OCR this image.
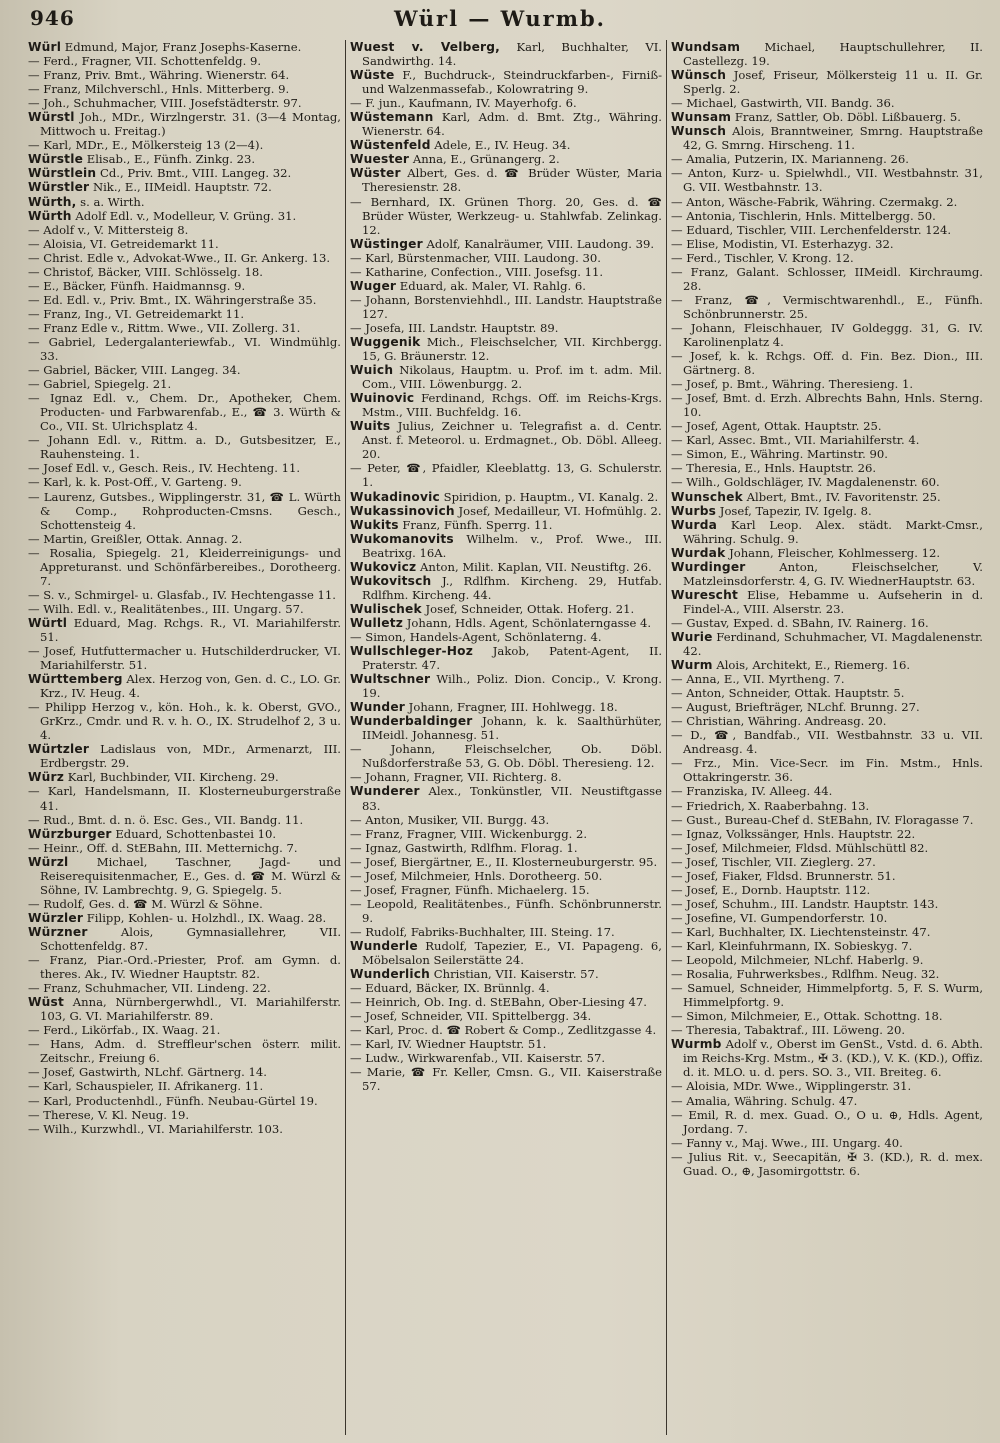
946	Würl — Wurmb.

Würl Edmund, Major, Franz Josephs-Kaserne.

— Ferd., Fragner, VII. Schottenfeldg. 9.

— Franz, Priv. Bmt., Währing. Wienerstr. 64.

— Franz, Milchverschl., Hnls. Mitterberg. 9.

— Joh., Schuhmacher, VIII. Josefstädterstr. 97.

Würstl Joh., MDr., Wirzlngerstr. 31. (3—4 Montag, Mittwoch u. Freitag.)

— Karl, MDr., E., Mölkersteig 13 (2—4).

Würstle Elisab., E., Fünfh. Zinkg. 23.

Würstlein Cd., Priv. Bmt., VIII. Langeg. 32.

Würstler Nik., E., IIMeidl. Hauptstr. 72.

Würth, s. a. Wirth.

Würth Adolf Edl. v., Modelleur, V. Grüng. 31.

— Adolf v., V. Mittersteig 8.

— Aloisia, VI. Getreidemarkt 11.

— Christ. Edle v., Advokat-Wwe., II. Gr. Ankerg. 13.

— Christof, Bäcker, VIII. Schlösselg. 18.

— E., Bäcker, Fünfh. Haidmannsg. 9.

— Ed. Edl. v., Priv. Bmt., IX. Währingerstraße 35.

— Franz, Ing., VI. Getreidemarkt 11.

— Franz Edle v., Rittm. Wwe., VII. Zollerg. 31.

— Gabriel, Ledergalanteriewfab., VI. Windmühlg. 33.

— Gabriel, Bäcker, VIII. Langeg. 34.

— Gabriel, Spiegelg. 21.

— Ignaz Edl. v., Chem. Dr., Apotheker, Chem. Producten- und Farbwarenfab., E., ☎ 3. Würth & Co., VII. St. Ulrichsplatz 4.

— Johann Edl. v., Rittm. a. D., Gutsbesitzer, E., Rauhensteing. 1.

— Josef Edl. v., Gesch. Reis., IV. Hechteng. 11.

— Karl, k. k. Post-Off., V. Garteng. 9.

— Laurenz, Gutsbes., Wipplingerstr. 31, ☎ L. Würth & Comp., Rohproducten-Cmsns. Gesch., Schottensteig 4.

— Martin, Greißler, Ottak. Annag. 2.

— Rosalia, Spiegelg. 21, Kleiderreinigungs- und Appreturanst. und Schönfärbereibes., Dorotheerg. 7.

— S. v., Schmirgel- u. Glasfab., IV. Hechtengasse 11.

— Wilh. Edl. v., Realitätenbes., III. Ungarg. 57.

Würtl Eduard, Mag. Rchgs. R., VI. Mariahilferstr. 51.

— Josef, Hutfuttermacher u. Hutschilderdrucker, VI. Mariahilferstr. 51.

Württemberg Alex. Herzog von, Gen. d. C., LO. Gr. Krz., IV. Heug. 4.

— Philipp Herzog v., kön. Hoh., k. k. Oberst, GVO., GrKrz., Cmdr. und R. v. h. O., IX. Strudelhof 2, 3 u. 4.

Würtzler Ladislaus von, MDr., Armenarzt, III. Erdbergstr. 29.

Würz Karl, Buchbinder, VII. Kircheng. 29.

— Karl, Handelsmann, II. Klosterneuburgerstraße 41.

— Rud., Bmt. d. n. ö. Esc. Ges., VII. Bandg. 11.

Würzburger Eduard, Schottenbastei 10.

— Heinr., Off. d. StEBahn, III. Metternichg. 7.

Würzl Michael, Taschner, Jagd- und Reiserequisitenmacher, E., Ges. d. ☎ M. Würzl & Söhne, IV. Lambrechtg. 9, G. Spiegelg. 5.

— Rudolf, Ges. d. ☎ M. Würzl & Söhne.

Würzler Filipp, Kohlen- u. Holzhdl., IX. Waag. 28.

Würzner Alois, Gymnasiallehrer, VII. Schottenfeldg. 87.

— Franz, Piar.-Ord.-Priester, Prof. am Gymn. d. theres. Ak., IV. Wiedner Hauptstr. 82.

— Franz, Schuhmacher, VII. Lindeng. 22.

Wüst Anna, Nürnbergerwhdl., VI. Mariahilferstr. 103, G. VI. Mariahilferstr. 89.

— Ferd., Likörfab., IX. Waag. 21.

— Hans, Adm. d. Streffleur'schen österr. milit. Zeitschr., Freiung 6.

— Josef, Gastwirth, NLchf. Gärtnerg. 14.

— Karl, Schauspieler, II. Afrikanerg. 11.

— Karl, Productenhdl., Fünfh. Neubau-Gürtel 19.

— Therese, V. Kl. Neug. 19.

— Wilh., Kurzwhdl., VI. Mariahilferstr. 103.

Wuest v. Velberg, Karl, Buchhalter, VI. Sandwirthg. 14.

Wüste F., Buchdruck-, Steindruckfarben-, Firniß- und Walzenmassefab., Kolowratring 9.

— F. jun., Kaufmann, IV. Mayerhofg. 6.

Wüstemann Karl, Adm. d. Bmt. Ztg., Währing. Wienerstr. 64.

Wüstenfeld Adele, E., IV. Heug. 34.

Wuester Anna, E., Grünangerg. 2.

Wüster Albert, Ges. d. ☎ Brüder Wüster, Maria Theresienstr. 28.

— Bernhard, IX. Grünen Thorg. 20, Ges. d. ☎ Brüder Wüster, Werkzeug- u. Stahlwfab. Zelinkag. 12.

Wüstinger Adolf, Kanalräumer, VIII. Laudong. 39.

— Karl, Bürstenmacher, VIII. Laudong. 30.

— Katharine, Confection., VIII. Josefsg. 11.

Wuger Eduard, ak. Maler, VI. Rahlg. 6.

— Johann, Borstenviehhdl., III. Landstr. Hauptstraße 127.

— Josefa, III. Landstr. Hauptstr. 89.

Wuggenik Mich., Fleischselcher, VII. Kirchbergg. 15, G. Bräunerstr. 12.

Wuich Nikolaus, Hauptm. u. Prof. im t. adm. Mil. Com., VIII. Löwenburgg. 2.

Wuinovic Ferdinand, Rchgs. Off. im Reichs-Krgs. Mstm., VIII. Buchfeldg. 16.

Wuits Julius, Zeichner u. Telegrafist a. d. Centr. Anst. f. Meteorol. u. Erdmagnet., Ob. Döbl. Alleeg. 20.

— Peter, ☎, Pfaidler, Kleeblattg. 13, G. Schulerstr. 1.

Wukadinovic Spiridion, p. Hauptm., VI. Kanalg. 2.

Wukassinovich Josef, Medailleur, VI. Hofmühlg. 2.

Wukits Franz, Fünfh. Sperrg. 11.

Wukomanovits Wilhelm. v., Prof. Wwe., III. Beatrixg. 16A.

Wukovicz Anton, Milit. Kaplan, VII. Neustiftg. 26.

Wukovitsch J., Rdlfhm. Kircheng. 29, Hutfab. Rdlfhm. Kircheng. 44.

Wulischek Josef, Schneider, Ottak. Hoferg. 21.

Wulletz Johann, Hdls. Agent, Schönlaterngasse 4.

— Simon, Handels-Agent, Schönlaterng. 4.

Wullschleger-Hoz Jakob, Patent-Agent, II. Praterstr. 47.

Wultschner Wilh., Poliz. Dion. Concip., V. Krong. 19.

Wunder Johann, Fragner, III. Hohlwegg. 18.

Wunderbaldinger Johann, k. k. Saalthürhüter, IIMeidl. Johannesg. 51.

— Johann, Fleischselcher, Ob. Döbl. Nußdorferstraße 53, G. Ob. Döbl. Theresieng. 12.

— Johann, Fragner, VII. Richterg. 8.

Wunderer Alex., Tonkünstler, VII. Neustiftgasse 83.

— Anton, Musiker, VII. Burgg. 43.

— Franz, Fragner, VIII. Wickenburgg. 2.

— Ignaz, Gastwirth, Rdlfhm. Florag. 1.

— Josef, Biergärtner, E., II. Klosterneuburgerstr. 95.

— Josef, Milchmeier, Hnls. Dorotheerg. 50.

— Josef, Fragner, Fünfh. Michaelerg. 15.

— Leopold, Realitätenbes., Fünfh. Schönbrunnerstr. 9.

— Rudolf, Fabriks-Buchhalter, III. Steing. 17.

Wunderle Rudolf, Tapezier, E., VI. Papageng. 6, Möbelsalon Seilerstätte 24.

Wunderlich Christian, VII. Kaiserstr. 57.

— Eduard, Bäcker, IX. Brünnlg. 4.

— Heinrich, Ob. Ing. d. StEBahn, Ober-Liesing 47.

— Josef, Schneider, VII. Spittelbergg. 34.

— Karl, Proc. d. ☎ Robert & Comp., Zedlitzgasse 4.

— Karl, IV. Wiedner Hauptstr. 51.

— Ludw., Wirkwarenfab., VII. Kaiserstr. 57.

— Marie, ☎ Fr. Keller, Cmsn. G., VII. Kaiserstraße 57.

Wundsam Michael, Hauptschullehrer, II. Castellezg. 19.

Wünsch Josef, Friseur, Mölkersteig 11 u. II. Gr. Sperlg. 2.

— Michael, Gastwirth, VII. Bandg. 36.

Wunsam Franz, Sattler, Ob. Döbl. Lißbauerg. 5.

Wunsch Alois, Branntweiner, Smrng. Hauptstraße 42, G. Smrng. Hirscheng. 11.

— Amalia, Putzerin, IX. Marianneng. 26.

— Anton, Kurz- u. Spielwhdl., VII. Westbahnstr. 31, G. VII. Westbahnstr. 13.

— Anton, Wäsche-Fabrik, Währing. Czermakg. 2.

— Antonia, Tischlerin, Hnls. Mittelbergg. 50.

— Eduard, Tischler, VIII. Lerchenfelderstr. 124.

— Elise, Modistin, VI. Esterhazyg. 32.

— Ferd., Tischler, V. Krong. 12.

— Franz, Galant. Schlosser, IIMeidl. Kirchraumg. 28.

— Franz, ☎, Vermischtwarenhdl., E., Fünfh. Schönbrunnerstr. 25.

— Johann, Fleischhauer, IV Goldeggg. 31, G. IV. Karolinenplatz 4.

— Josef, k. k. Rchgs. Off. d. Fin. Bez. Dion., III. Gärtnerg. 8.

— Josef, p. Bmt., Währing. Theresieng. 1.

— Josef, Bmt. d. Erzh. Albrechts Bahn, Hnls. Sterng. 10.

— Josef, Agent, Ottak. Hauptstr. 25.

— Karl, Assec. Bmt., VII. Mariahilferstr. 4.

— Simon, E., Währing. Martinstr. 90.

— Theresia, E., Hnls. Hauptstr. 26.

— Wilh., Goldschläger, IV. Magdalenenstr. 60.

Wunschek Albert, Bmt., IV. Favoritenstr. 25.

Wurbs Josef, Tapezir, IV. Igelg. 8.

Wurda Karl Leop. Alex. städt. Markt-Cmsr., Währing. Schulg. 9.

Wurdak Johann, Fleischer, Kohlmesserg. 12.

Wurdinger Anton, Fleischselcher, V. Matzleinsdorferstr. 4, G. IV. WiednerHauptstr. 63.

Wurescht Elise, Hebamme u. Aufseherin in d. Findel-A., VIII. Alserstr. 23.

— Gustav, Exped. d. SBahn, IV. Rainerg. 16.

Wurie Ferdinand, Schuhmacher, VI. Magdalenenstr. 42.

Wurm Alois, Architekt, E., Riemerg. 16.

— Anna, E., VII. Myrtheng. 7.

— Anton, Schneider, Ottak. Hauptstr. 5.

— August, Briefträger, NLchf. Brunng. 27.

— Christian, Währing. Andreasg. 20.

— D., ☎, Bandfab., VII. Westbahnstr. 33 u. VII. Andreasg. 4.

— Frz., Min. Vice-Secr. im Fin. Mstm., Hnls. Ottakringerstr. 36.

— Franziska, IV. Alleeg. 44.

— Friedrich, X. Raaberbahng. 13.

— Gust., Bureau-Chef d. StEBahn, IV. Floragasse 7.

— Ignaz, Volkssänger, Hnls. Hauptstr. 22.

— Josef, Milchmeier, Fldsd. Mühlschüttl 82.

— Josef, Tischler, VII. Zieglerg. 27.

— Josef, Fiaker, Fldsd. Brunnerstr. 51.

— Josef, E., Dornb. Hauptstr. 112.

— Josef, Schuhm., III. Landstr. Hauptstr. 143.

— Josefine, VI. Gumpendorferstr. 10.

— Karl, Buchhalter, IX. Liechtensteinstr. 47.

— Karl, Kleinfuhrmann, IX. Sobieskyg. 7.

— Leopold, Milchmeier, NLchf. Haberlg. 9.

— Rosalia, Fuhrwerksbes., Rdlfhm. Neug. 32.

— Samuel, Schneider, Himmelpfortg. 5, F. S. Wurm, Himmelpfortg. 9.

— Simon, Milchmeier, E., Ottak. Schottng. 18.

— Theresia, Tabaktraf., III. Löweng. 20.

Wurmb Adolf v., Oberst im GenSt., Vstd. d. 6. Abth. im Reichs-Krg. Mstm., ✠ 3. (KD.), V. K. (KD.), Offiz. d. it. MLO. u. d. pers. SO. 3., VII. Breiteg. 6.

— Aloisia, MDr. Wwe., Wipplingerstr. 31.

— Amalia, Währing. Schulg. 47.

— Emil, R. d. mex. Guad. O., O u. ⊕, Hdls. Agent, Jordang. 7.

— Fanny v., Maj. Wwe., III. Ungarg. 40.

— Julius Rit. v., Seecapitän, ✠ 3. (KD.), R. d. mex. Guad. O., ⊕, Jasomirgottstr. 6.
